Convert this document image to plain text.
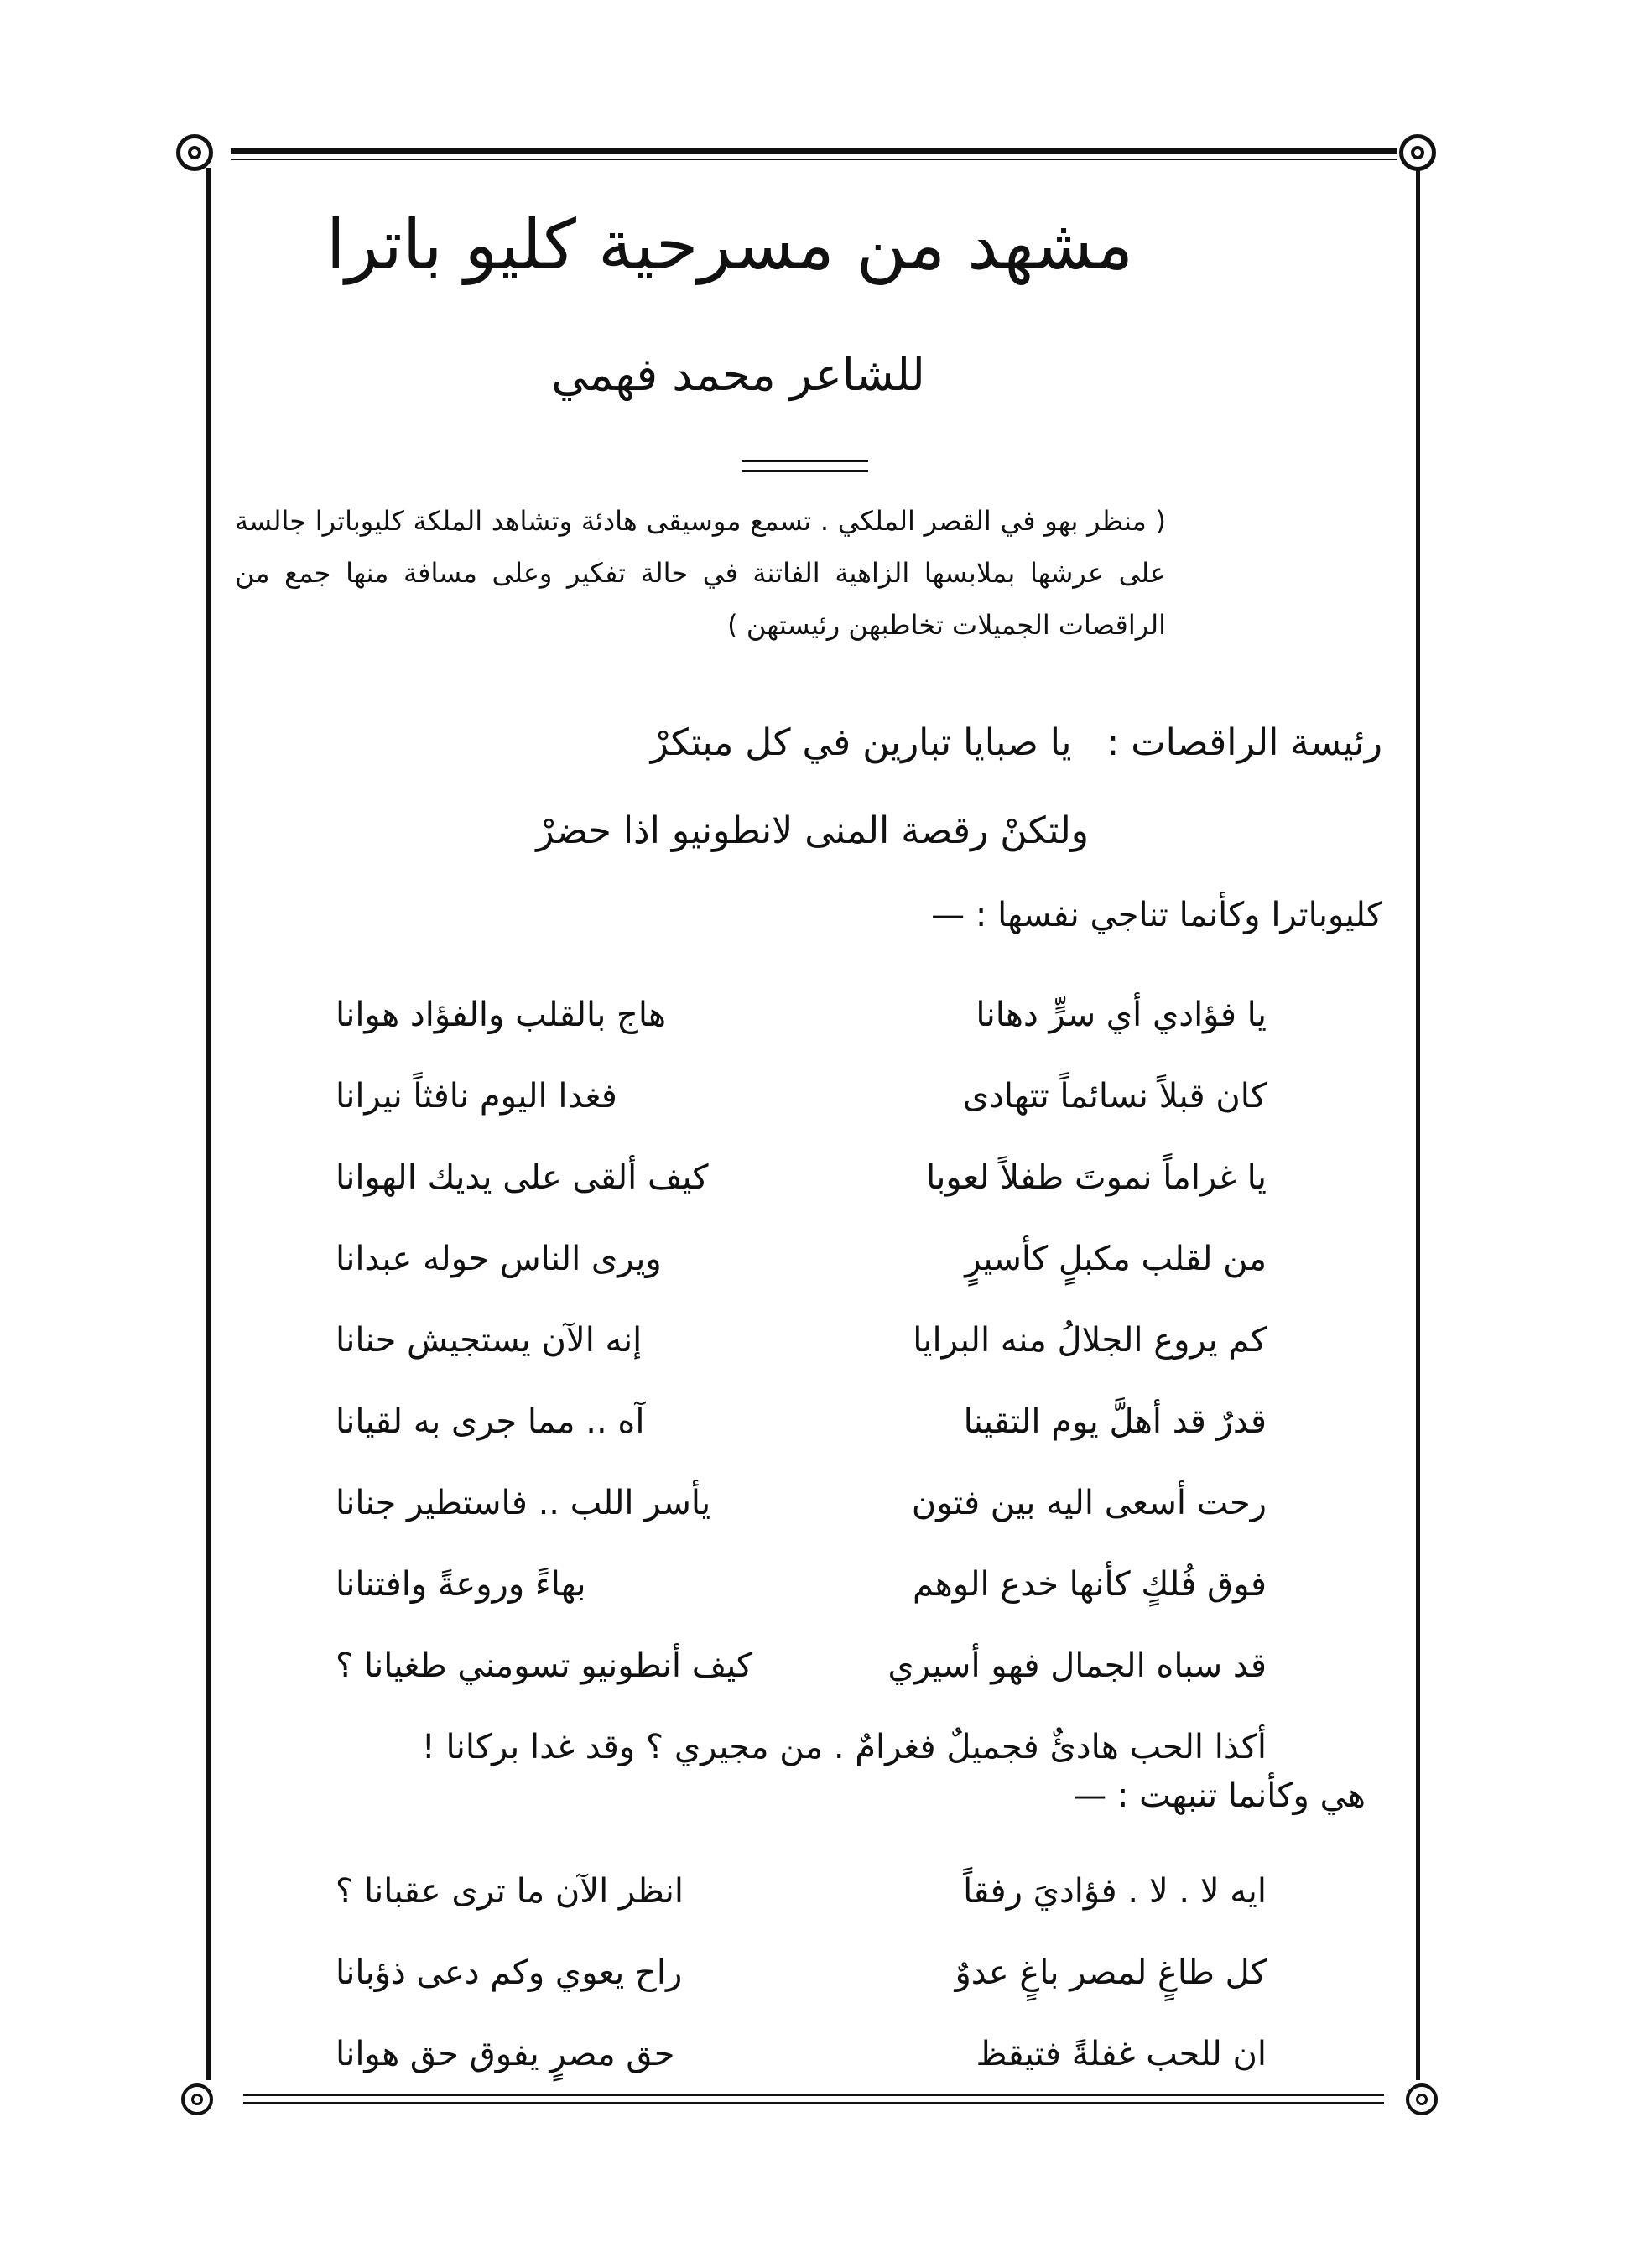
مشهد من مسرحية كليو باترا
للشاعر محمد فهمي
( منظر بهو في القصر الملكي . تسمع موسيقى هادئة وتشاهد الملكة كليوباترا جالسة على عرشها بملابسها الزاهية الفاتنة في حالة تفكير وعلى مسافة منها جمع من الراقصات الجميلات تخاطبهن رئيستهن )
رئيسة الراقصات :   يا صبايا تبارين في كل مبتكرْ
ولتكنْ رقصة المنى لانطونيو اذا حضرْ
كليوباترا وكأنما تناجي نفسها : —
يا فؤادي أي سرٍّ دهانا
هاج بالقلب والفؤاد هوانا
كان قبلاً نسائماً تتهادى
فغدا اليوم نافثاً نيرانا
يا غراماً نموتَ طفلاً لعوبا
كيف ألقى على يديك الهوانا
من لقلب مكبلٍ كأسيرٍ
ويرى الناس حوله عبدانا
كم يروع الجلالُ منه البرايا
إنه الآن يستجيش حنانا
قدرٌ قد أهلَّ يوم التقينا
آه .. مما جرى به لقيانا
رحت أسعى اليه بين فتون
يأسر اللب .. فاستطير جنانا
فوق فُلكٍ كأنها خدع الوهم
بهاءً وروعةً وافتنانا
قد سباه الجمال فهو أسيري
كيف أنطونيو تسومني طغيانا ؟
أكذا الحب هادئٌ فجميلٌ فغرامٌ . من مجيري ؟ وقد غدا بركانا !
هي وكأنما تنبهت : —
ايه لا . لا . فؤاديَ رفقاً
انظر الآن ما ترى عقبانا ؟
كل طاغٍ لمصر باغٍ عدوٌ
راح يعوي وكم دعى ذؤبانا
ان للحب غفلةً فتيقظ
حق مصرٍ يفوق حق هوانا
